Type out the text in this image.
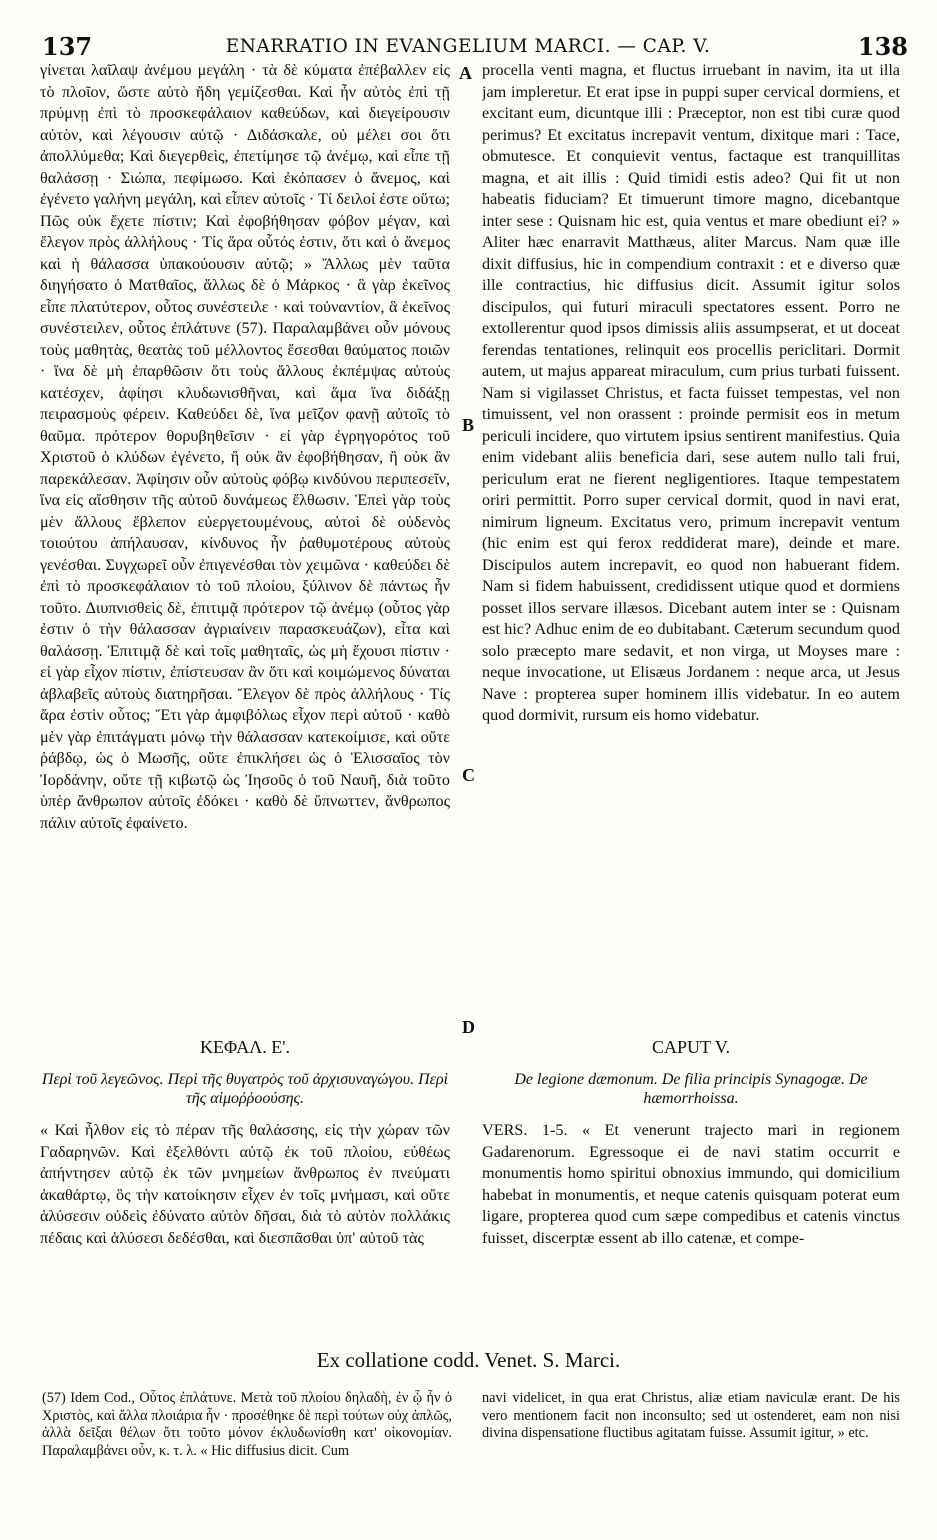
137	ENARRATIO IN EVANGELIUM MARCI. — CAP. V.	138

γίνεται λαῖλαψ ἀνέμου μεγάλη · τὰ δὲ κύματα ἐπέβαλλεν εἰς τὸ πλοῖον, ὥστε αὐτὸ ἤδη γεμίζεσθαι. Καὶ ἦν αὐτὸς ἐπὶ τῇ πρύμνῃ ἐπὶ τὸ προσκεφάλαιον καθεύδων, καὶ διεγείρουσιν αὐτὸν, καὶ λέγουσιν αὐτῷ · Διδάσκαλε, οὐ μέλει σοι ὅτι ἀπολλύμεθα; Καὶ διεγερθεὶς, ἐπετίμησε τῷ ἀνέμῳ, καὶ εἶπε τῇ θαλάσσῃ · Σιώπα, πεφίμωσο. Καὶ ἐκόπασεν ὁ ἄνεμος, καὶ ἐγένετο γαλήνη μεγάλη, καὶ εἶπεν αὐτοῖς · Τί δειλοί ἐστε οὕτω; Πῶς οὐκ ἔχετε πίστιν; Καὶ ἐφοβήθησαν φόβον μέγαν, καὶ ἔλεγον πρὸς ἀλλήλους · Τίς ἄρα οὗτός ἐστιν, ὅτι καὶ ὁ ἄνεμος καὶ ἡ θάλασσα ὑπακούουσιν αὐτῷ; » Ἄλλως μὲν ταῦτα διηγήσατο ὁ Ματθαῖος, ἄλλως δὲ ὁ Μάρκος · ἃ γὰρ ἐκεῖνος εἶπε πλατύτερον, οὗτος συνέστειλε · καὶ τοὐναντίον, ἃ ἐκεῖνος συνέστειλεν, οὗτος ἐπλάτυνε (57). Παραλαμβάνει οὖν μόνους τοὺς μαθητὰς, θεατὰς τοῦ μέλλοντος ἔσεσθαι θαύματος ποιῶν · ἵνα δὲ μὴ ἐπαρθῶσιν ὅτι τοὺς ἄλλους ἐκπέμψας αὐτοὺς κατέσχεν, ἀφίησι κλυδωνισθῆναι, καὶ ἅμα ἵνα διδάξῃ πειρασμοὺς φέρειν. Καθεύδει δὲ, ἵνα μεῖζον φανῇ αὐτοῖς τὸ θαῦμα. πρότερον θορυβηθεῖσιν · εἰ γὰρ ἐγρηγορότος τοῦ Χριστοῦ ὁ κλύδων ἐγένετο, ἢ οὐκ ἂν ἐφοβήθησαν, ἢ οὐκ ἂν παρεκάλεσαν. Ἀφίησιν οὖν αὐτοὺς φόβῳ κινδύνου περιπεσεῖν, ἵνα εἰς αἴσθησιν τῆς αὐτοῦ δυνάμεως ἔλθωσιν. Ἐπεὶ γὰρ τοὺς μὲν ἄλλους ἔβλεπον εὐεργετουμένους, αὐτοὶ δὲ οὐδενὸς τοιούτου ἀπήλαυσαν, κίνδυνος ἦν ῥαθυμοτέρους αὐτοὺς γενέσθαι. Συγχωρεῖ οὖν ἐπιγενέσθαι τὸν χειμῶνα · καθεύδει δὲ ἐπὶ τὸ προσκεφάλαιον τὸ τοῦ πλοίου, ξύλινον δὲ πάντως ἦν τοῦτο. Διυπνισθεὶς δὲ, ἐπιτιμᾷ πρότερον τῷ ἀνέμῳ (οὗτος γὰρ ἐστιν ὁ τὴν θάλασσαν ἀγριαίνειν παρασκευάζων), εἶτα καὶ θαλάσσῃ. Ἐπιτιμᾷ δὲ καὶ τοῖς μαθηταῖς, ὡς μὴ ἔχουσι πίστιν · εἰ γὰρ εἶχον πίστιν, ἐπίστευσαν ἂν ὅτι καὶ κοιμώμενος δύναται ἀβλαβεῖς αὐτοὺς διατηρῆσαι. Ἔλεγον δὲ πρὸς ἀλλήλους · Τίς ἄρα ἐστὶν οὗτος; Ἔτι γὰρ ἀμφιβόλως εἶχον περὶ αὐτοῦ · καθὸ μὲν γὰρ ἐπιτάγματι μόνῳ τὴν θάλασσαν κατεκοίμισε, καὶ οὔτε ῥάβδῳ, ὡς ὁ Μωσῆς, οὔτε ἐπικλήσει ὡς ὁ Ἐλισσαῖος τὸν Ἰορδάνην, οὔτε τῇ κιβωτῷ ὡς Ἰησοῦς ὁ τοῦ Ναυῆ, διὰ τοῦτο ὑπὲρ ἄνθρωπον αὐτοῖς ἐδόκει · καθὸ δὲ ὕπνωττεν, ἄνθρωπος πάλιν αὐτοῖς ἐφαίνετο.

procella venti magna, et fluctus irruebant in navim, ita ut illa jam impleretur. Et erat ipse in puppi super cervical dormiens, et excitant eum, dicuntque illi : Præceptor, non est tibi curæ quod perimus? Et excitatus increpavit ventum, dixitque mari : Tace, obmutesce. Et conquievit ventus, factaque est tranquillitas magna, et ait illis : Quid timidi estis adeo? Qui fit ut non habeatis fiduciam? Et timuerunt timore magno, dicebantque inter sese : Quisnam hic est, quia ventus et mare obediunt ei? » Aliter hæc enarravit Matthæus, aliter Marcus. Nam quæ ille dixit diffusius, hic in compendium contraxit : et e diverso quæ ille contractius, hic diffusius dicit. Assumit igitur solos discipulos, qui futuri miraculi spectatores essent. Porro ne extollerentur quod ipsos dimissis aliis assumpserat, et ut doceat ferendas tentationes, relinquit eos procellis periclitari. Dormit autem, ut majus appareat miraculum, cum prius turbati fuissent. Nam si vigilasset Christus, et facta fuisset tempestas, vel non timuissent, vel non orassent : proinde permisit eos in metum periculi incidere, quo virtutem ipsius sentirent manifestius. Quia enim videbant aliis beneficia dari, sese autem nullo tali frui, periculum erat ne fierent negligentiores. Itaque tempestatem oriri permittit. Porro super cervical dormit, quod in navi erat, nimirum ligneum. Excitatus vero, primum increpavit ventum (hic enim est qui ferox reddiderat mare), deinde et mare. Discipulos autem increpavit, eo quod non habuerant fidem. Nam si fidem habuissent, credidissent utique quod et dormiens posset illos servare illæsos. Dicebant autem inter se : Quisnam est hic? Adhuc enim de eo dubitabant. Cæterum secundum quod solo præcepto mare sedavit, et non virga, ut Moyses mare : neque invocatione, ut Elisæus Jordanem : neque arca, ut Jesus Nave : propterea super hominem illis videbatur. In eo autem quod dormivit, rursum eis homo videbatur.

A
B
C
D
ΚΕΦΑΛ. Ε'.
Περὶ τοῦ λεγεῶνος. Περὶ τῆς θυγατρὸς τοῦ ἀρχισυναγώγου. Περὶ τῆς αἱμοῤῥοούσης.

« Καὶ ἦλθον εἰς τὸ πέραν τῆς θαλάσσης, εἰς τὴν χώραν τῶν Γαδαρηνῶν. Καὶ ἐξελθόντι αὐτῷ ἐκ τοῦ πλοίου, εὐθέως ἀπήντησεν αὐτῷ ἐκ τῶν μνημείων ἄνθρωπος ἐν πνεύματι ἀκαθάρτῳ, ὃς τὴν κατοίκησιν εἶχεν ἐν τοῖς μνήμασι, καὶ οὔτε ἁλύσεσιν οὐδεὶς ἐδύνατο αὐτὸν δῆσαι, διὰ τὸ αὐτὸν πολλάκις πέδαις καὶ ἁλύσεσι δεδέσθαι, καὶ διεσπᾶσθαι ὑπ' αὐτοῦ τὰς

CAPUT V.
De legione dæmonum. De filia principis Synagogæ. De hæmorrhoissa.

VERS. 1-5. « Et venerunt trajecto mari in regionem Gadarenorum. Egressoque ei de navi statim occurrit e monumentis homo spiritui obnoxius immundo, qui domicilium habebat in monumentis, et neque catenis quisquam poterat eum ligare, propterea quod cum sæpe compedibus et catenis vinctus fuisset, discerptæ essent ab illo catenæ, et compe-

Ex collatione codd. Venet. S. Marci.

(57) Idem Cod., Οὗτος ἐπλάτυνε. Μετὰ τοῦ πλοίου δηλαδὴ, ἐν ᾧ ἦν ὁ Χριστὸς, καὶ ἄλλα πλοιάρια ἦν · προσέθηκε δὲ περὶ τούτων οὐχ ἁπλῶς, ἀλλὰ δεῖξαι θέλων ὅτι τοῦτο μόνον ἐκλυδωνίσθη κατ' οἰκονομίαν. Παραλαμβάνει οὖν, κ. τ. λ. « Hic diffusius dicit. Cum

navi videlicet, in qua erat Christus, aliæ etiam naviculæ erant. De his vero mentionem facit non inconsulto; sed ut ostenderet, eam non nisi divina dispensatione fluctibus agitatam fuisse. Assumit igitur, » etc.
